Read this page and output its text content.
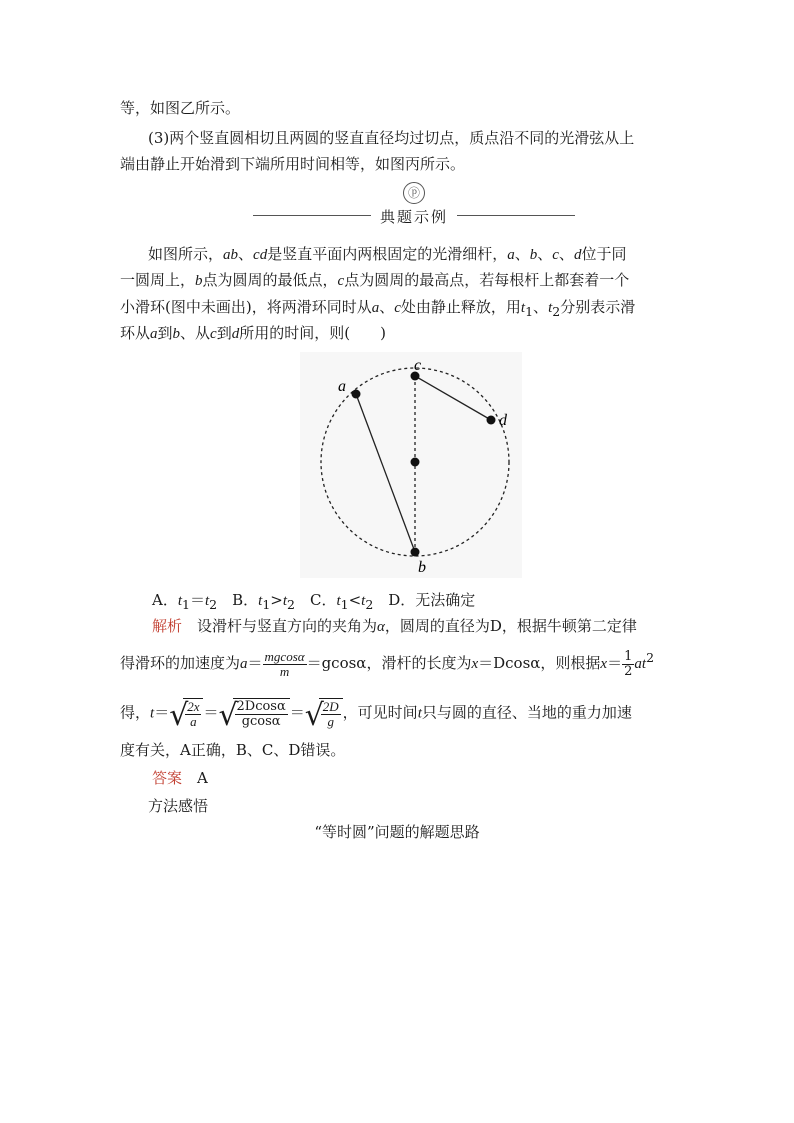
等，如图乙所示。
(3)两个竖直圆相切且两圆的竖直直径均过切点，质点沿不同的光滑弦从上
端由静止开始滑到下端所用时间相等，如图丙所示。
ⓟ
典题示例
如图所示，ab、cd是竖直平面内两根固定的光滑细杆，a、b、c、d位于同
一圆周上，b点为圆周的最低点，c点为圆周的最高点，若每根杆上都套着一个
小滑环(图中未画出)，将两滑环同时从a、c处由静止释放，用$t_1$、$t_2$分别表示滑
环从a到b、从c到d所用的时间，则(　　)
a
c
d
b
A．$t_1=t_2$　B．$t_1>t_2$　C．$t_1<t_2$　D．无法确定
解析　设滑杆与竖直方向的夹角为α，圆周的直径为D，根据牛顿第二定律
得滑环的加速度为$a= \frac{mgcos\alpha}{m} =gcos\alpha$，滑杆的长度为x＝Dcosα，则根据$x= \frac{1}{2} at^2$
得，t＝ √
$\frac{2x}{a}$ ＝ √
$\frac{2Dcos\alpha}{gcos\alpha}$ ＝ √
$\frac{2D}{g}$ ，可见时间t只与圆的直径、当地的重力加速
度有关，A正确，B、C、D错误。
答案　A
方法感悟
“等时圆”问题的解题思路
